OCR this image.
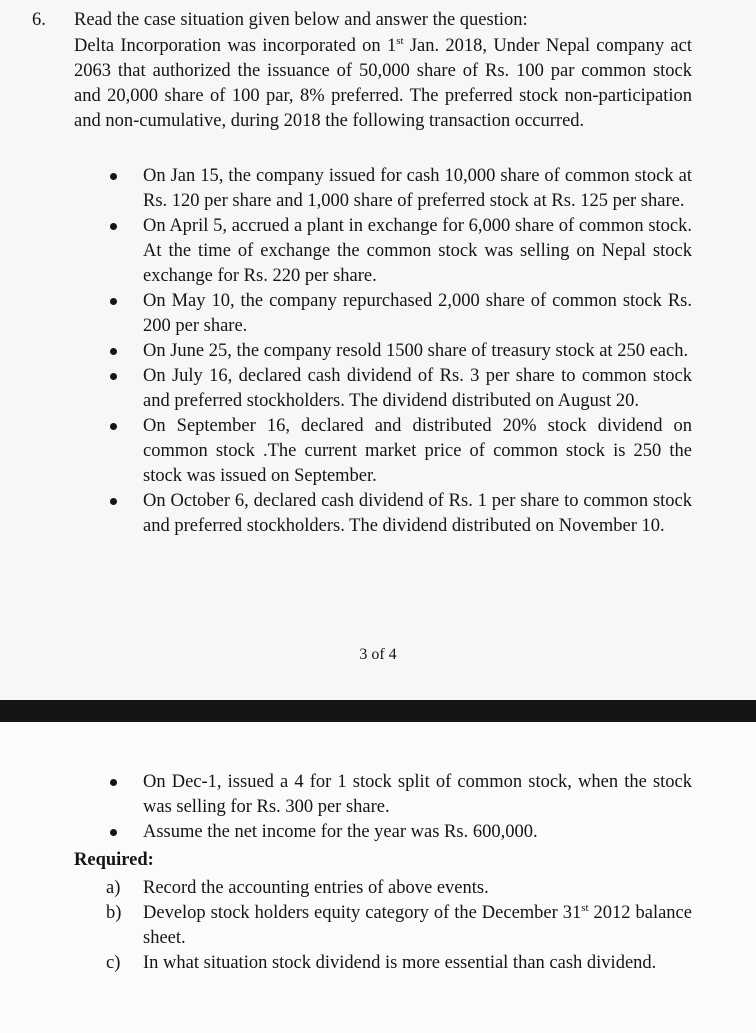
6. Read the case situation given below and answer the question:
Delta Incorporation was incorporated on 1st Jan. 2018, Under Nepal company act 2063 that authorized the issuance of 50,000 share of Rs. 100 par common stock and 20,000 share of 100 par, 8% preferred. The preferred stock non-participation and non-cumulative, during 2018 the following transaction occurred.
On Jan 15, the company issued for cash 10,000 share of common stock at Rs. 120 per share and 1,000 share of preferred stock at Rs. 125 per share.
On April 5, accrued a plant in exchange for 6,000 share of common stock. At the time of exchange the common stock was selling on Nepal stock exchange for Rs. 220 per share.
On May 10, the company repurchased 2,000 share of common stock Rs. 200 per share.
On June 25, the company resold 1500 share of treasury stock at 250 each.
On July 16, declared cash dividend of Rs. 3 per share to common stock and preferred stockholders. The dividend distributed on August 20.
On September 16, declared and distributed 20% stock dividend on common stock .The current market price of common stock is 250 the stock was issued on September.
On October 6, declared cash dividend of Rs. 1 per share to common stock and preferred stockholders. The dividend distributed on November 10.
3 of 4
On Dec-1, issued a 4 for 1 stock split of common stock, when the stock was selling for Rs. 300 per share.
Assume the net income for the year was Rs. 600,000.
Required:
a) Record the accounting entries of above events.
b) Develop stock holders equity category of the December 31st 2012 balance sheet.
c) In what situation stock dividend is more essential than cash dividend.
